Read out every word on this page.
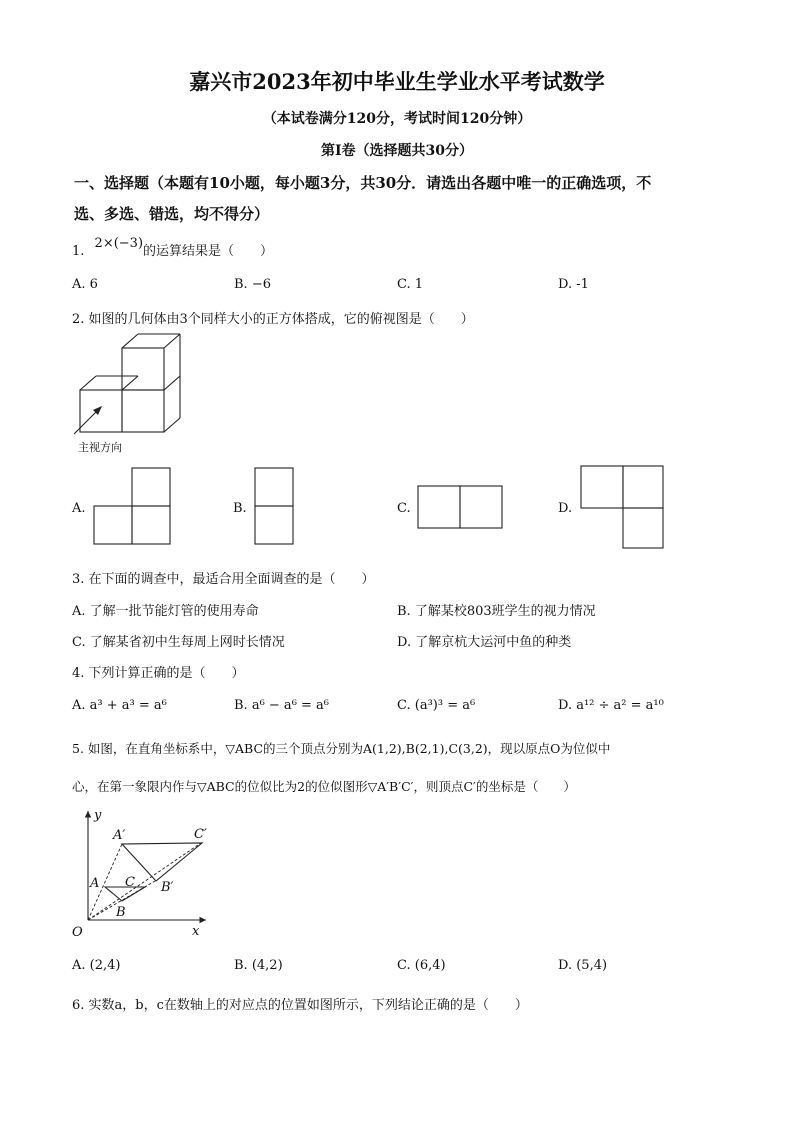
嘉兴市2023年初中毕业生学业水平考试数学
（本试卷满分120分，考试时间120分钟）
第Ⅰ卷（选择题共30分）
一、选择题（本题有10小题，每小题3分，共30分．请选出各题中唯一的正确选项，不
选、多选、错选，均不得分）
1. 2×(−3)的运算结果是（　　）
A. 6	B. −6	C. 1	D. -1
2. 如图的几何体由3个同样大小的正方体搭成，它的俯视图是（　　）
主视方向
A.	B.	C.	D.
3. 在下面的调查中，最适合用全面调查的是（　　）
A. 了解一批节能灯管的使用寿命	B. 了解某校803班学生的视力情况
C. 了解某省初中生每周上网时长情况	D. 了解京杭大运河中鱼的种类
4. 下列计算正确的是（　　）
A. a³ + a³ = a⁶	B. a⁶ − a⁶ = a⁶	C. (a³)³ = a⁶	D. a¹² ÷ a² = a¹⁰
5. 如图，在直角坐标系中，▽ABC的三个顶点分别为A(1,2),B(2,1),C(3,2)，现以原点O为位似中
心，在第一象限内作与▽ABC的位似比为2的位似图形▽A′B′C′，则顶点C′的坐标是（　　）
y
x
O
A
B
C
A′
B′
C′
A. (2,4)	B. (4,2)	C. (6,4)	D. (5,4)
6. 实数a，b，c在数轴上的对应点的位置如图所示，下列结论正确的是（　　）
